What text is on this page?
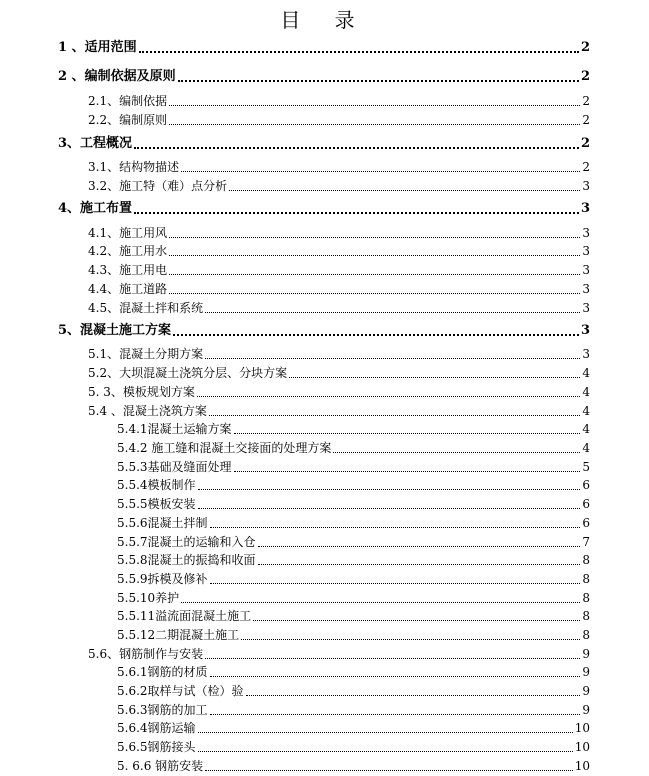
目 录
1 、适用范围	2
2 、编制依据及原则	2
2.1、编制依据	2
2.2、编制原则	2
3、工程概况	2
3.1、结构物描述	2
3.2、施工特（难）点分析	3
4、施工布置	3
4.1、施工用风	3
4.2、施工用水	3
4.3、施工用电	3
4.4、施工道路	3
4.5、混凝土拌和系统	3
5、混凝土施工方案	3
5.1、混凝土分期方案	3
5.2、大坝混凝土浇筑分层、分块方案	4
5. 3、模板规划方案	4
5.4 、混凝土浇筑方案	4
5.4.1混凝土运输方案	4
5.4.2 施工缝和混凝土交接面的处理方案	4
5.5.3基础及缝面处理	5
5.5.4模板制作	6
5.5.5模板安装	6
5.5.6混凝土拌制	6
5.5.7混凝土的运输和入仓	7
5.5.8混凝土的振捣和收面	8
5.5.9拆模及修补	8
5.5.10养护	8
5.5.11溢流面混凝土施工	8
5.5.12二期混凝土施工	8
5.6、钢筋制作与安装	9
5.6.1钢筋的材质	9
5.6.2取样与试（检）验	9
5.6.3钢筋的加工	9
5.6.4钢筋运输	10
5.6.5钢筋接头	10
5. 6.6 钢筋安装	10
